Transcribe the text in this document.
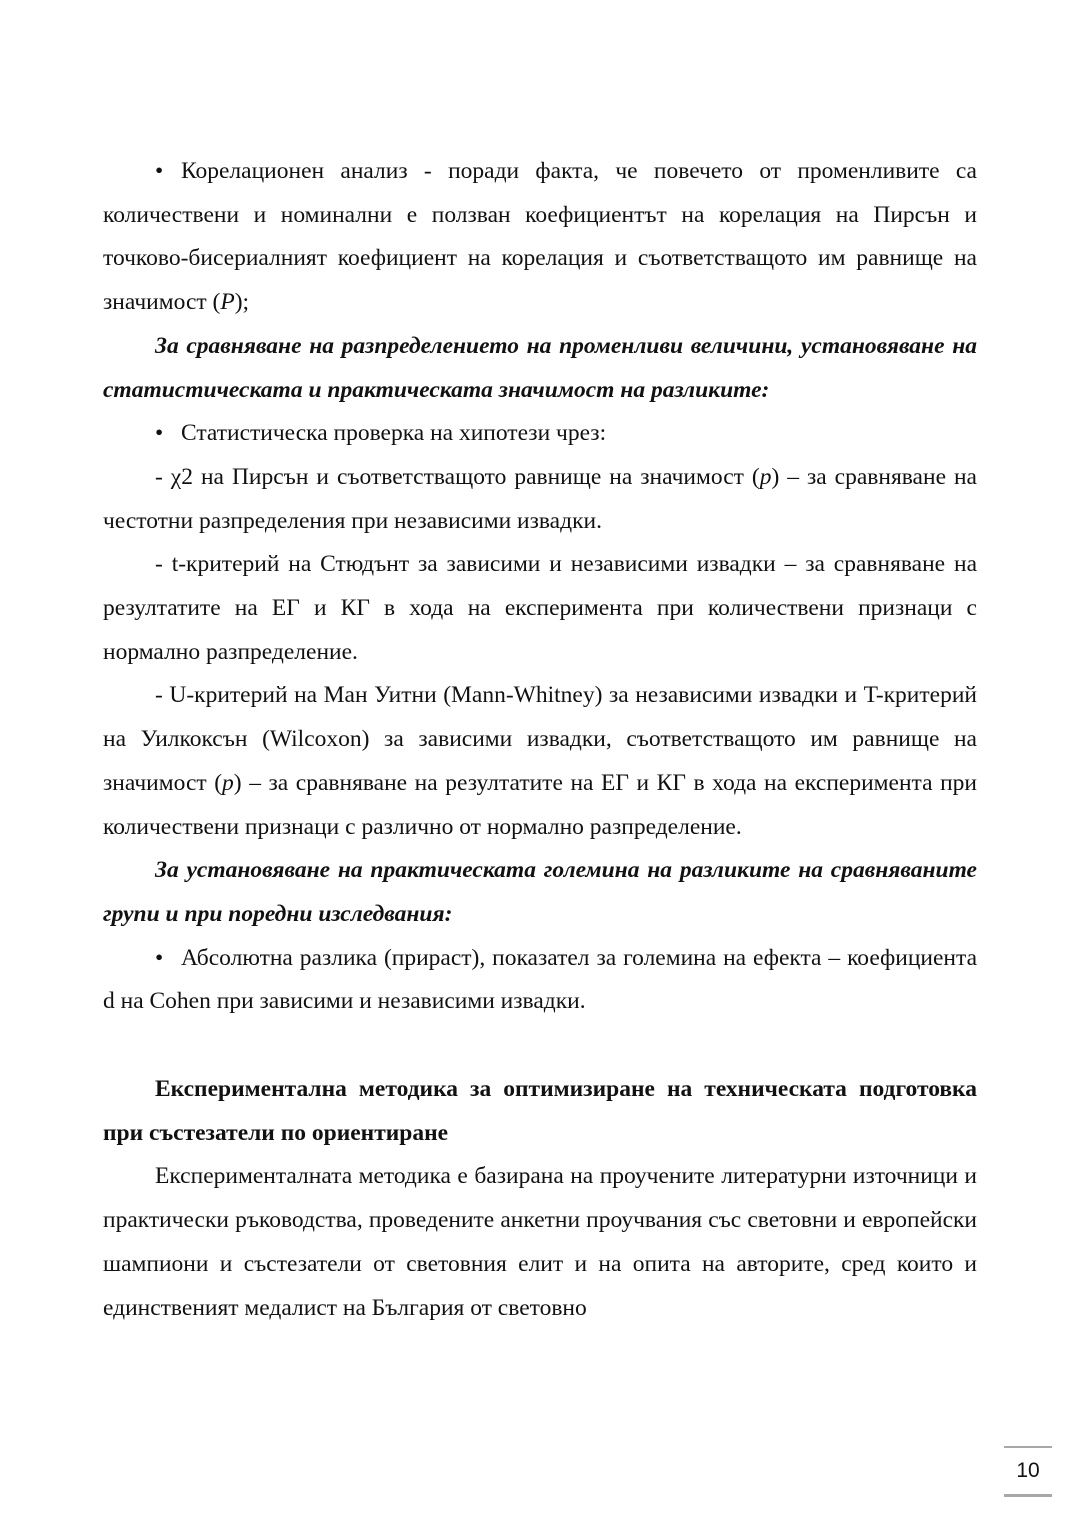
• Корелационен анализ - поради факта, че повечето от променливите са количествени и номинални е ползван коефициентът на корелация на Пирсън и точково-бисериалният коефициент на корелация и съответстващото им равнище на значимост (P);

За сравняване на разпределението на променливи величини, установяване на статистическата и практическата значимост на разликите:

• Статистическа проверка на хипотези чрез:

- χ2 на Пирсън и съответстващото равнище на значимост (p) – за сравняване на честотни разпределения при независими извадки.

- t-критерий на Стюдънт за зависими и независими извадки – за сравняване на резултатите на ЕГ и КГ в хода на експеримента при количествени признаци с нормално разпределение.

- U-критерий на Ман Уитни (Mann-Whitney) за независими извадки и T-критерий на Уилкоксън (Wilcoxon) за зависими извадки, съответстващото им равнище на значимост (p) – за сравняване на резултатите на ЕГ и КГ в хода на експеримента при количествени признаци с различно от нормално разпределение.

За установяване на практическата големина на разликите на сравняваните групи и при поредни изследвания:

• Абсолютна разлика (прираст), показател за големина на ефекта – коефициента d на Cohen при зависими и независими извадки.

Експериментална методика за оптимизиране на техническата подготовка при състезатели по ориентиране

Експерименталната методика е базирана на проучените литературни източници и практически ръководства, проведените анкетни проучвания със световни и европейски шампиони и състезатели от световния елит и на опита на авторите, сред които и единственият медалист на България от световно

10
